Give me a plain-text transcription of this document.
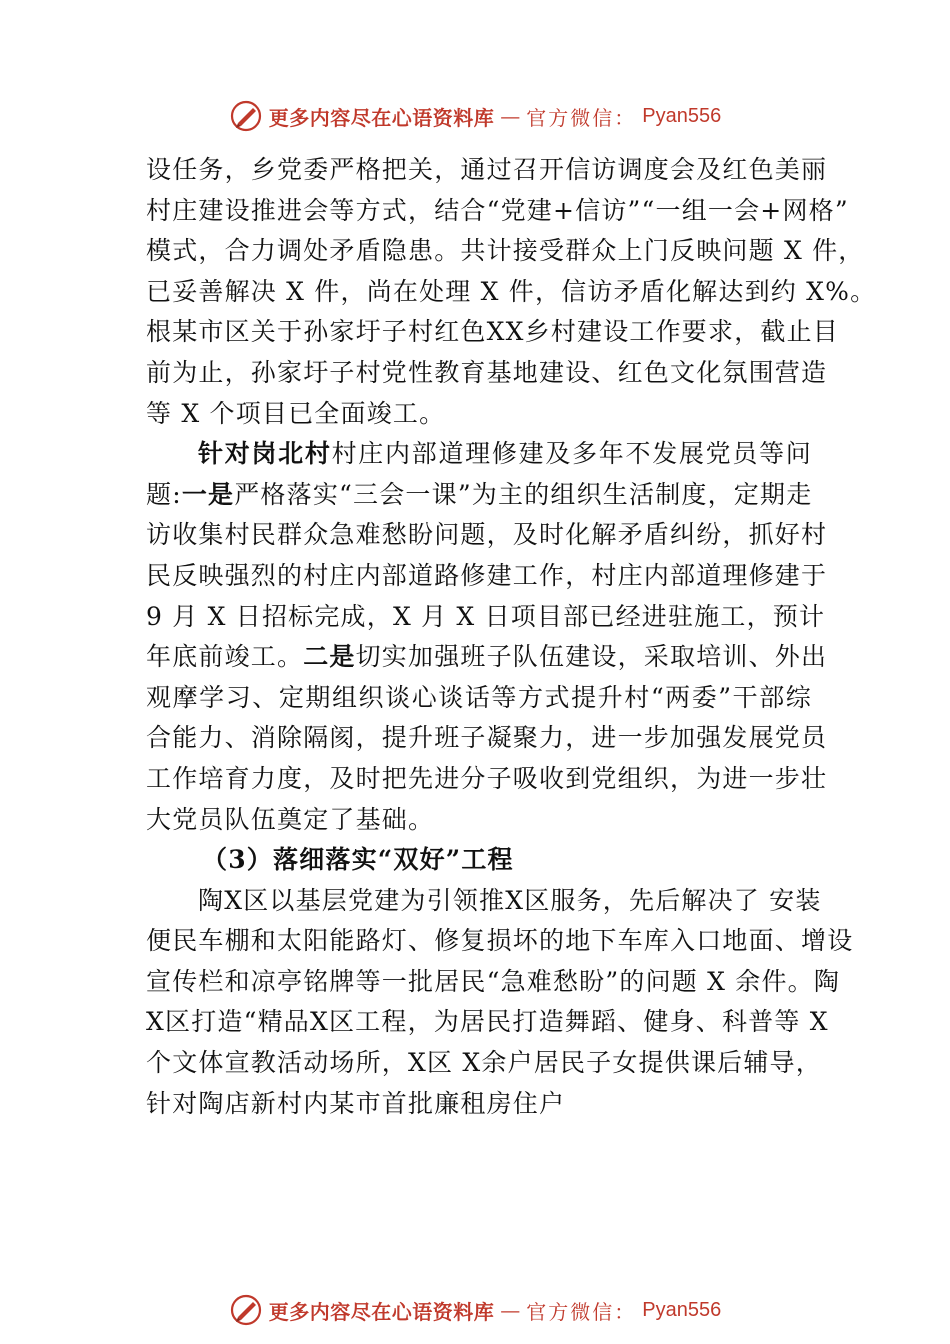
更多内容尽在心语资料库 — 官方微信： Pyan556
设任务，乡党委严格把关，通过召开信访调度会及红色美丽
村庄建设推进会等方式，结合“党建+信访”“一组一会+网格”
模式，合力调处矛盾隐患。共计接受群众上门反映问题 X 件，
已妥善解决 X 件，尚在处理 X 件，信访矛盾化解达到约 X%。
根某市区关于孙家圩子村红色XX乡村建设工作要求，截止目
前为止，孙家圩子村党性教育基地建设、红色文化氛围营造
等 X 个项目已全面竣工。
针对岗北村村庄内部道理修建及多年不发展党员等问
题:一是严格落实“三会一课”为主的组织生活制度，定期走
访收集村民群众急难愁盼问题，及时化解矛盾纠纷，抓好村
民反映强烈的村庄内部道路修建工作，村庄内部道理修建于
9 月 X 日招标完成，X 月 X 日项目部已经进驻施工，预计
年底前竣工。二是切实加强班子队伍建设，采取培训、外出
观摩学习、定期组织谈心谈话等方式提升村“两委”干部综
合能力、消除隔阂，提升班子凝聚力，进一步加强发展党员
工作培育力度，及时把先进分子吸收到党组织，为进一步壮
大党员队伍奠定了基础。
（3）落细落实“双好”工程
陶X区以基层党建为引领推X区服务，先后解决了 安装
便民车棚和太阳能路灯、修复损坏的地下车库入口地面、增设
宣传栏和凉亭铭牌等一批居民“急难愁盼”的问题 X 余件。陶
X区打造“精品X区工程，为居民打造舞蹈、健身、科普等 X
个文体宣教活动场所，X区 X余户居民子女提供课后辅导，
针对陶店新村内某市首批廉租房住户
更多内容尽在心语资料库 — 官方微信： Pyan556
